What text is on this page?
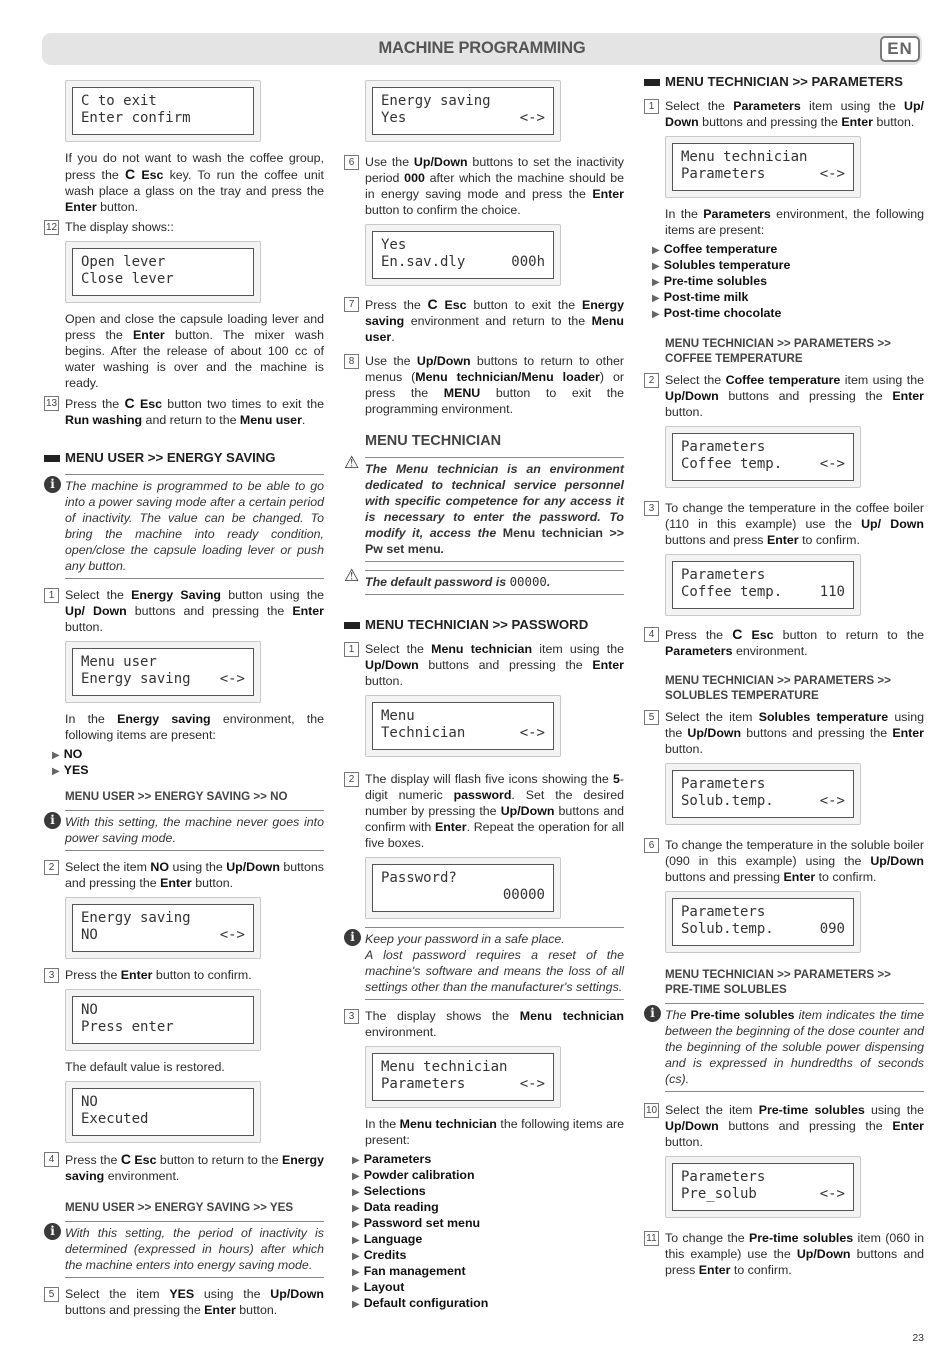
MACHINE PROGRAMMING	EN
C to exit
Enter confirm

If you do not want to wash the coffee group, press the C Esc key. To run the coffee unit wash place a glass on the tray and press the Enter button.

12 The display shows::
Open lever
Close lever

Open and close the capsule loading lever and press the Enter button. The mixer wash begins. After the release of about 100 cc of water washing is over and the machine is ready.

13 Press the C Esc button two times to exit the Run washing and return to the Menu user.
MENU USER >> ENERGY SAVING
i The machine is programmed to be able to go into a power saving mode after a certain period of inactivity. The value can be changed. To bring the machine into ready condition, open/close the capsule loading lever or push any button.
1 Select the Energy Saving button using the Up/ Down buttons and pressing the Enter button.
Menu user
Energy saving <->

In the Energy saving environment, the following items are present:

▶ NO
▶ YES
MENU USER >> ENERGY SAVING >> NO
i With this setting, the machine never goes into power saving mode.
2 Select the item NO using the Up/Down buttons and pressing the Enter button.
Energy saving
NO	<->
3 Press the Enter button to confirm.
NO
Press enter

The default value is restored.

NO
Executed
4 Press the C Esc button to return to the Energy saving environment.
MENU USER >> ENERGY SAVING >> YES
i With this setting, the period of inactivity is determined (expressed in hours) after which the machine enters into energy saving mode.
5 Select the item YES using the Up/Down buttons and pressing the Enter button.
Energy saving
Yes	<->
6 Use the Up/Down buttons to set the inactivity period 000 after which the machine should be in energy saving mode and press the Enter button to confirm the choice.
Yes
En.sav.dly	000h
7 Press the C Esc button to exit the Energy saving environment and return to the Menu user.
8 Use the Up/Down buttons to return to other menus (Menu technician/Menu loader) or press the MENU button to exit the programming environment.
MENU TECHNICIAN
⚠ The Menu technician is an environment dedicated to technical service personnel with specific competence for any access it is necessary to enter the password. To modify it, access the Menu technician >> Pw set menu.
⚠ The default password is 00000.
MENU TECHNICIAN >> PASSWORD
1 Select the Menu technician item using the Up/Down buttons and pressing the Enter button.
Menu
Technician	<->
2 The display will flash five icons showing the 5-digit numeric password. Set the desired number by pressing the Up/Down buttons and confirm with Enter. Repeat the operation for all five boxes.
Password?
00000
i Keep your password in a safe place.
A lost password requires a reset of the machine's software and means the loss of all settings other than the manufacturer's settings.
3 The display shows the Menu technician environment.
Menu technician
Parameters	<->

In the Menu technician the following items are present:

▶ Parameters
▶ Powder calibration
▶ Selections
▶ Data reading
▶ Password set menu
▶ Language
▶ Credits
▶ Fan management
▶ Layout
▶ Default configuration
MENU TECHNICIAN >> PARAMETERS
1 Select the Parameters item using the Up/ Down buttons and pressing the Enter button.
Menu technician
Parameters	<->

In the Parameters environment, the following items are present:

▶ Coffee temperature
▶ Solubles temperature
▶ Pre-time solubles
▶ Post-time milk
▶ Post-time chocolate
MENU TECHNICIAN >> PARAMETERS >>
COFFEE TEMPERATURE
2 Select the Coffee temperature item using the Up/Down buttons and pressing the Enter button.
Parameters
Coffee temp.	<->
3 To change the temperature in the coffee boiler (110 in this example) use the Up/ Down buttons and press Enter to confirm.
Parameters
Coffee temp.	110
4 Press the C Esc button to return to the Parameters environment.
MENU TECHNICIAN >> PARAMETERS >>
SOLUBLES TEMPERATURE
5 Select the item Solubles temperature using the Up/Down buttons and pressing the Enter button.
Parameters
Solub.temp.	<->
6 To change the temperature in the soluble boiler (090 in this example) using the Up/Down buttons and pressing Enter to confirm.
Parameters
Solub.temp.	090
MENU TECHNICIAN >> PARAMETERS >>
PRE-TIME SOLUBLES
i The Pre-time solubles item indicates the time between the beginning of the dose counter and the beginning of the soluble power dispensing and is expressed in hundredths of seconds (cs).
10 Select the item Pre-time solubles using the Up/Down buttons and pressing the Enter button.
Parameters
Pre_solub	<->
11 To change the Pre-time solubles item (060 in this example) use the Up/Down buttons and press Enter to confirm.
23
